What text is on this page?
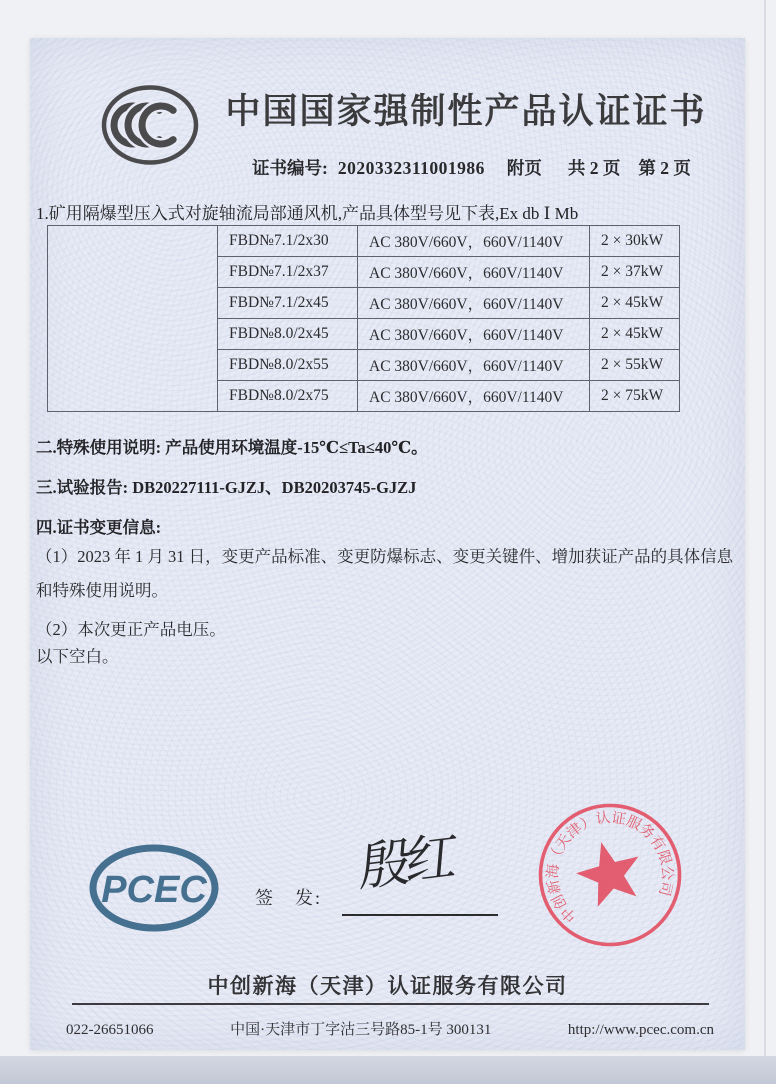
中国国家强制性产品认证证书
证书编号: 2020332311001986 附页 共 2 页 第 2 页
1.矿用隔爆型压入式对旋轴流局部通风机,产品具体型号见下表,Ex db Ⅰ Mb
	FBD№7.1/2x30	AC 380V/660V，660V/1140V	2 × 30kW
	FBD№7.1/2x37	AC 380V/660V，660V/1140V	2 × 37kW
	FBD№7.1/2x45	AC 380V/660V，660V/1140V	2 × 45kW
	FBD№8.0/2x45	AC 380V/660V，660V/1140V	2 × 45kW
	FBD№8.0/2x55	AC 380V/660V，660V/1140V	2 × 55kW
	FBD№8.0/2x75	AC 380V/660V，660V/1140V	2 × 75kW
二.特殊使用说明: 产品使用环境温度-15℃≤Ta≤40℃。
三.试验报告: DB20227111-GJZJ、DB20203745-GJZJ
四.证书变更信息:
（1）2023 年 1 月 31 日，变更产品标准、变更防爆标志、变更关键件、增加获证产品的具体信息和特殊使用说明。
（2）本次更正产品电压。
以下空白。
PCEC	签　发: 殷红
中创新海（天津）认证服务有限公司
中创新海（天津）认证服务有限公司
022-26651066	中国·天津市丁字沽三号路85-1号 300131	http://www.pcec.com.cn
